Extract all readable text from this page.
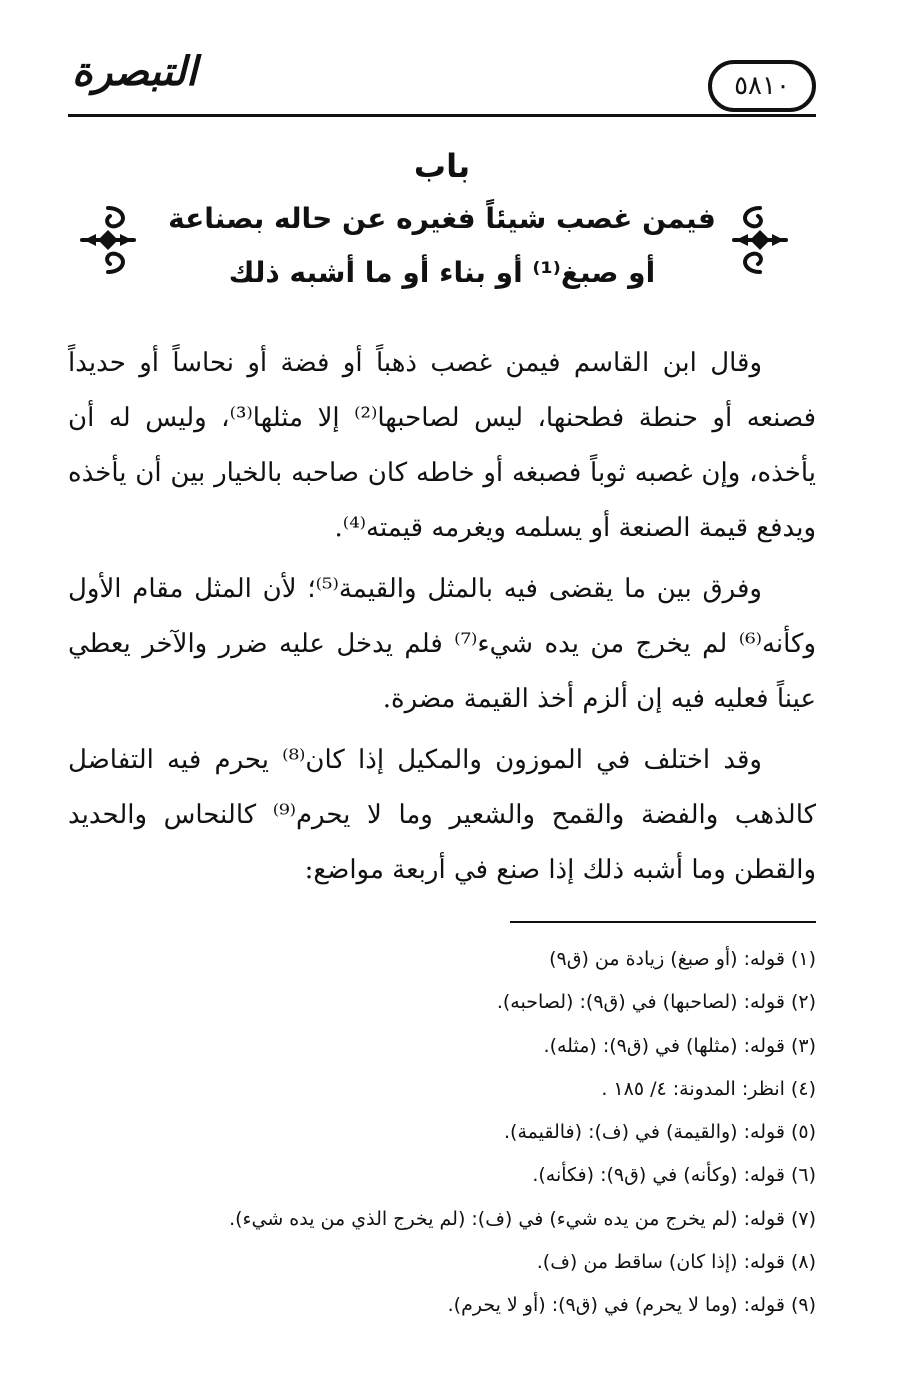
التبصرة	٥٨١٠
باب
فيمن غصب شيئاً فغيره عن حاله بصناعة
أو صبغ⁽¹⁾ أو بناء أو ما أشبه ذلك

وقال ابن القاسم فيمن غصب ذهباً أو فضة أو نحاساً أو حديداً فصنعه أو حنطة فطحنها، ليس لصاحبها⁽²⁾ إلا مثلها⁽³⁾، وليس له أن يأخذه، وإن غصبه ثوباً فصبغه أو خاطه كان صاحبه بالخيار بين أن يأخذه ويدفع قيمة الصنعة أو يسلمه ويغرمه قيمته⁽⁴⁾.

وفرق بين ما يقضى فيه بالمثل والقيمة⁽⁵⁾؛ لأن المثل مقام الأول وكأنه⁽⁶⁾ لم يخرج من يده شيء⁽⁷⁾ فلم يدخل عليه ضرر والآخر يعطي عيناً فعليه فيه إن ألزم أخذ القيمة مضرة.

وقد اختلف في الموزون والمكيل إذا كان⁽⁸⁾ يحرم فيه التفاضل كالذهب والفضة والقمح والشعير وما لا يحرم⁽⁹⁾ كالنحاس والحديد والقطن وما أشبه ذلك إذا صنع في أربعة مواضع:

(١) قوله: (أو صبغ) زيادة من (ق٩)
(٢) قوله: (لصاحبها) في (ق٩): (لصاحبه).
(٣) قوله: (مثلها) في (ق٩): (مثله).
(٤) انظر: المدونة: ٤/ ١٨٥ .
(٥) قوله: (والقيمة) في (ف): (فالقيمة).
(٦) قوله: (وكأنه) في (ق٩): (فكأنه).
(٧) قوله: (لم يخرج من يده شيء) في (ف): (لم يخرج الذي من يده شيء).
(٨) قوله: (إذا كان) ساقط من (ف).
(٩) قوله: (وما لا يحرم) في (ق٩): (أو لا يحرم).
